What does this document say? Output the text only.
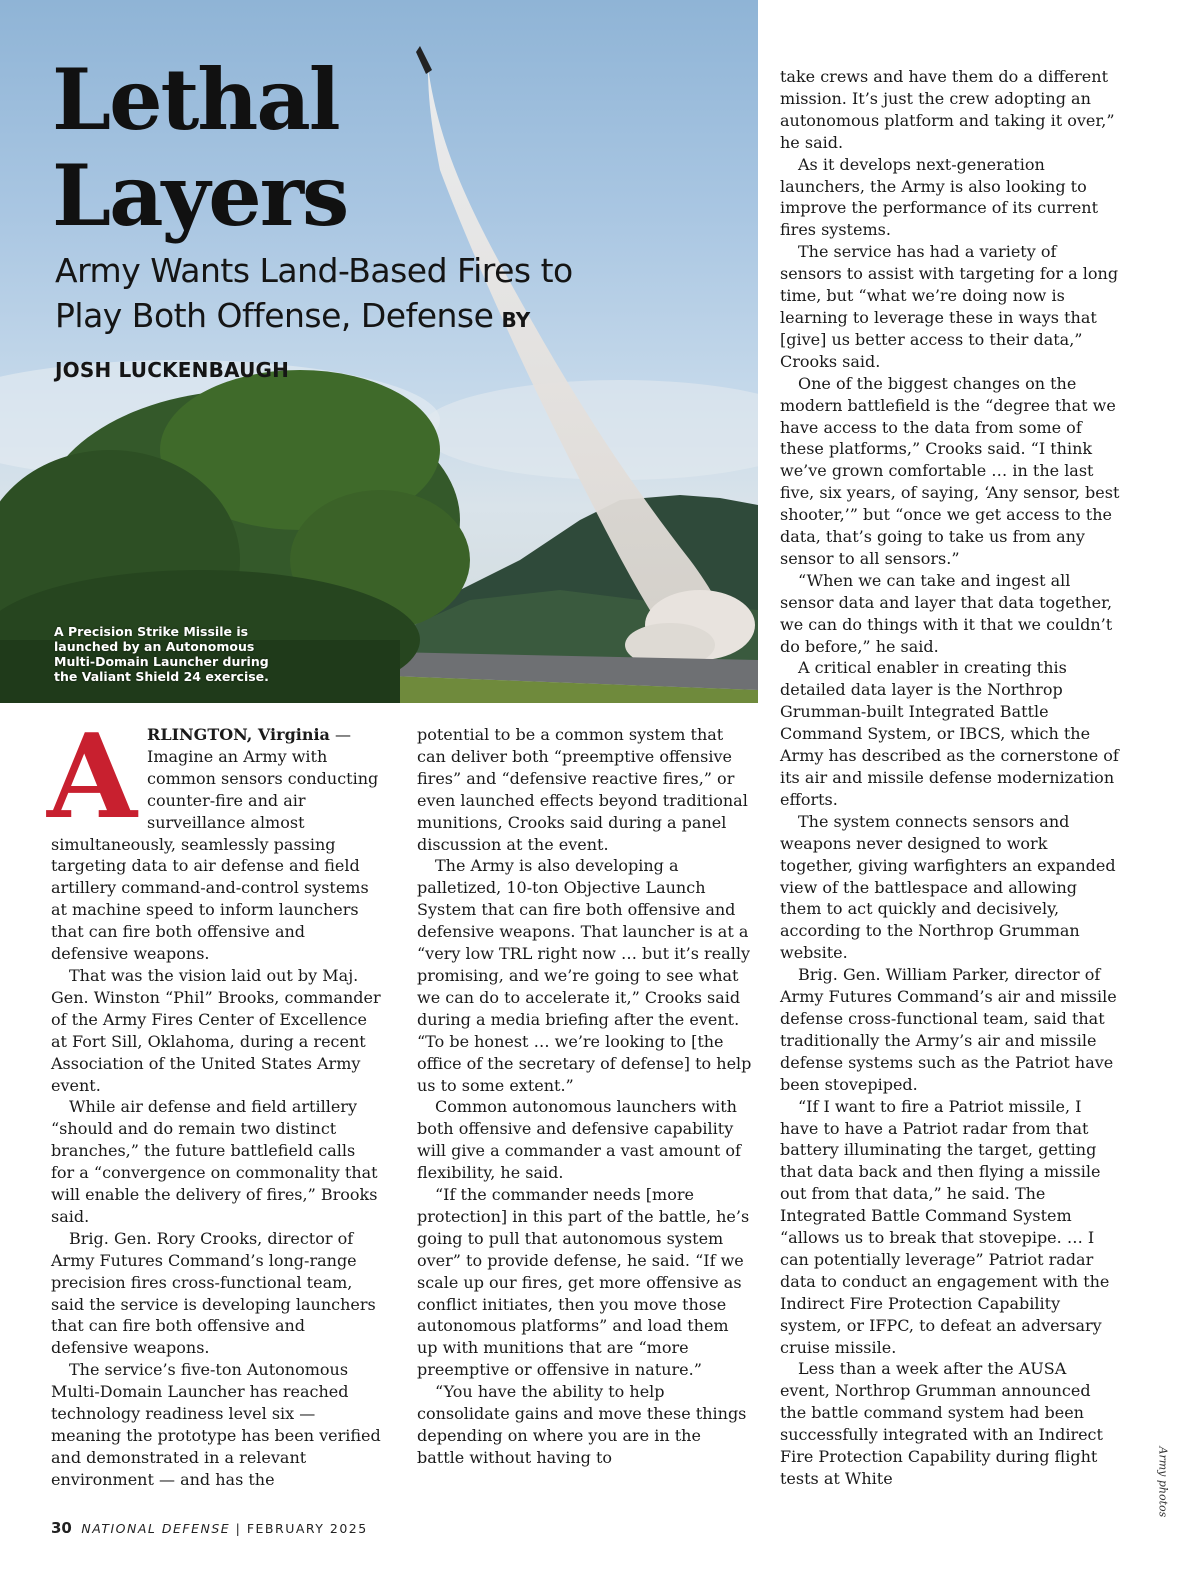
Lethal
Layers
Army Wants Land-Based Fires to Play Both Offense, Defense BY JOSH LUCKENBAUGH

A Precision Strike Missile is launched by an Autonomous Multi-Domain Launcher during the Valiant Shield 24 exercise.

ARLINGTON, Virginia — Imagine an Army with common sensors conducting counter-fire and air surveillance almost simultaneously, seamlessly passing targeting data to air defense and field artillery command-and-control systems at machine speed to inform launchers that can fire both offensive and defensive weapons.

That was the vision laid out by Maj. Gen. Winston “Phil” Brooks, commander of the Army Fires Center of Excellence at Fort Sill, Oklahoma, during a recent Association of the United States Army event.

While air defense and field artillery “should and do remain two distinct branches,” the future battlefield calls for a “convergence on commonality that will enable the delivery of fires,” Brooks said.

Brig. Gen. Rory Crooks, director of Army Futures Command’s long-range precision fires cross-functional team, said the service is developing launchers that can fire both offensive and defensive weapons.

The service’s five-ton Autonomous Multi-Domain Launcher has reached technology readiness level six — meaning the prototype has been verified and demonstrated in a relevant environment — and has the

potential to be a common system that can deliver both “preemptive offensive fires” and “defensive reactive fires,” or even launched effects beyond traditional munitions, Crooks said during a panel discussion at the event.

The Army is also developing a palletized, 10-ton Objective Launch System that can fire both offensive and defensive weapons. That launcher is at a “very low TRL right now … but it’s really promising, and we’re going to see what we can do to accelerate it,” Crooks said during a media briefing after the event. “To be honest … we’re looking to [the office of the secretary of defense] to help us to some extent.”

Common autonomous launchers with both offensive and defensive capability will give a commander a vast amount of flexibility, he said.

“If the commander needs [more protection] in this part of the battle, he’s going to pull that autonomous system over” to provide defense, he said. “If we scale up our fires, get more offensive as conflict initiates, then you move those autonomous platforms” and load them up with munitions that are “more preemptive or offensive in nature.”

“You have the ability to help consolidate gains and move these things depending on where you are in the battle without having to

take crews and have them do a different mission. It’s just the crew adopting an autonomous platform and taking it over,” he said.

As it develops next-generation launchers, the Army is also looking to improve the performance of its current fires systems.

The service has had a variety of sensors to assist with targeting for a long time, but “what we’re doing now is learning to leverage these in ways that [give] us better access to their data,” Crooks said.

One of the biggest changes on the modern battlefield is the “degree that we have access to the data from some of these platforms,” Crooks said. “I think we’ve grown comfortable … in the last five, six years, of saying, ‘Any sensor, best shooter,’” but “once we get access to the data, that’s going to take us from any sensor to all sensors.”

“When we can take and ingest all sensor data and layer that data together, we can do things with it that we couldn’t do before,” he said.

A critical enabler in creating this detailed data layer is the Northrop Grumman-built Integrated Battle Command System, or IBCS, which the Army has described as the cornerstone of its air and missile defense modernization efforts.

The system connects sensors and weapons never designed to work together, giving warfighters an expanded view of the battlespace and allowing them to act quickly and decisively, according to the Northrop Grumman website.

Brig. Gen. William Parker, director of Army Futures Command’s air and missile defense cross-functional team, said that traditionally the Army’s air and missile defense systems such as the Patriot have been stovepiped.

“If I want to fire a Patriot missile, I have to have a Patriot radar from that battery illuminating the target, getting that data back and then flying a missile out from that data,” he said. The Integrated Battle Command System “allows us to break that stovepipe. … I can potentially leverage” Patriot radar data to conduct an engagement with the Indirect Fire Protection Capability system, or IFPC, to defeat an adversary cruise missile.

Less than a week after the AUSA event, Northrop Grumman announced the battle command system had been successfully integrated with an Indirect Fire Protection Capability during flight tests at White	Army photos
30 NATIONAL DEFENSE | FEBRUARY 2025
